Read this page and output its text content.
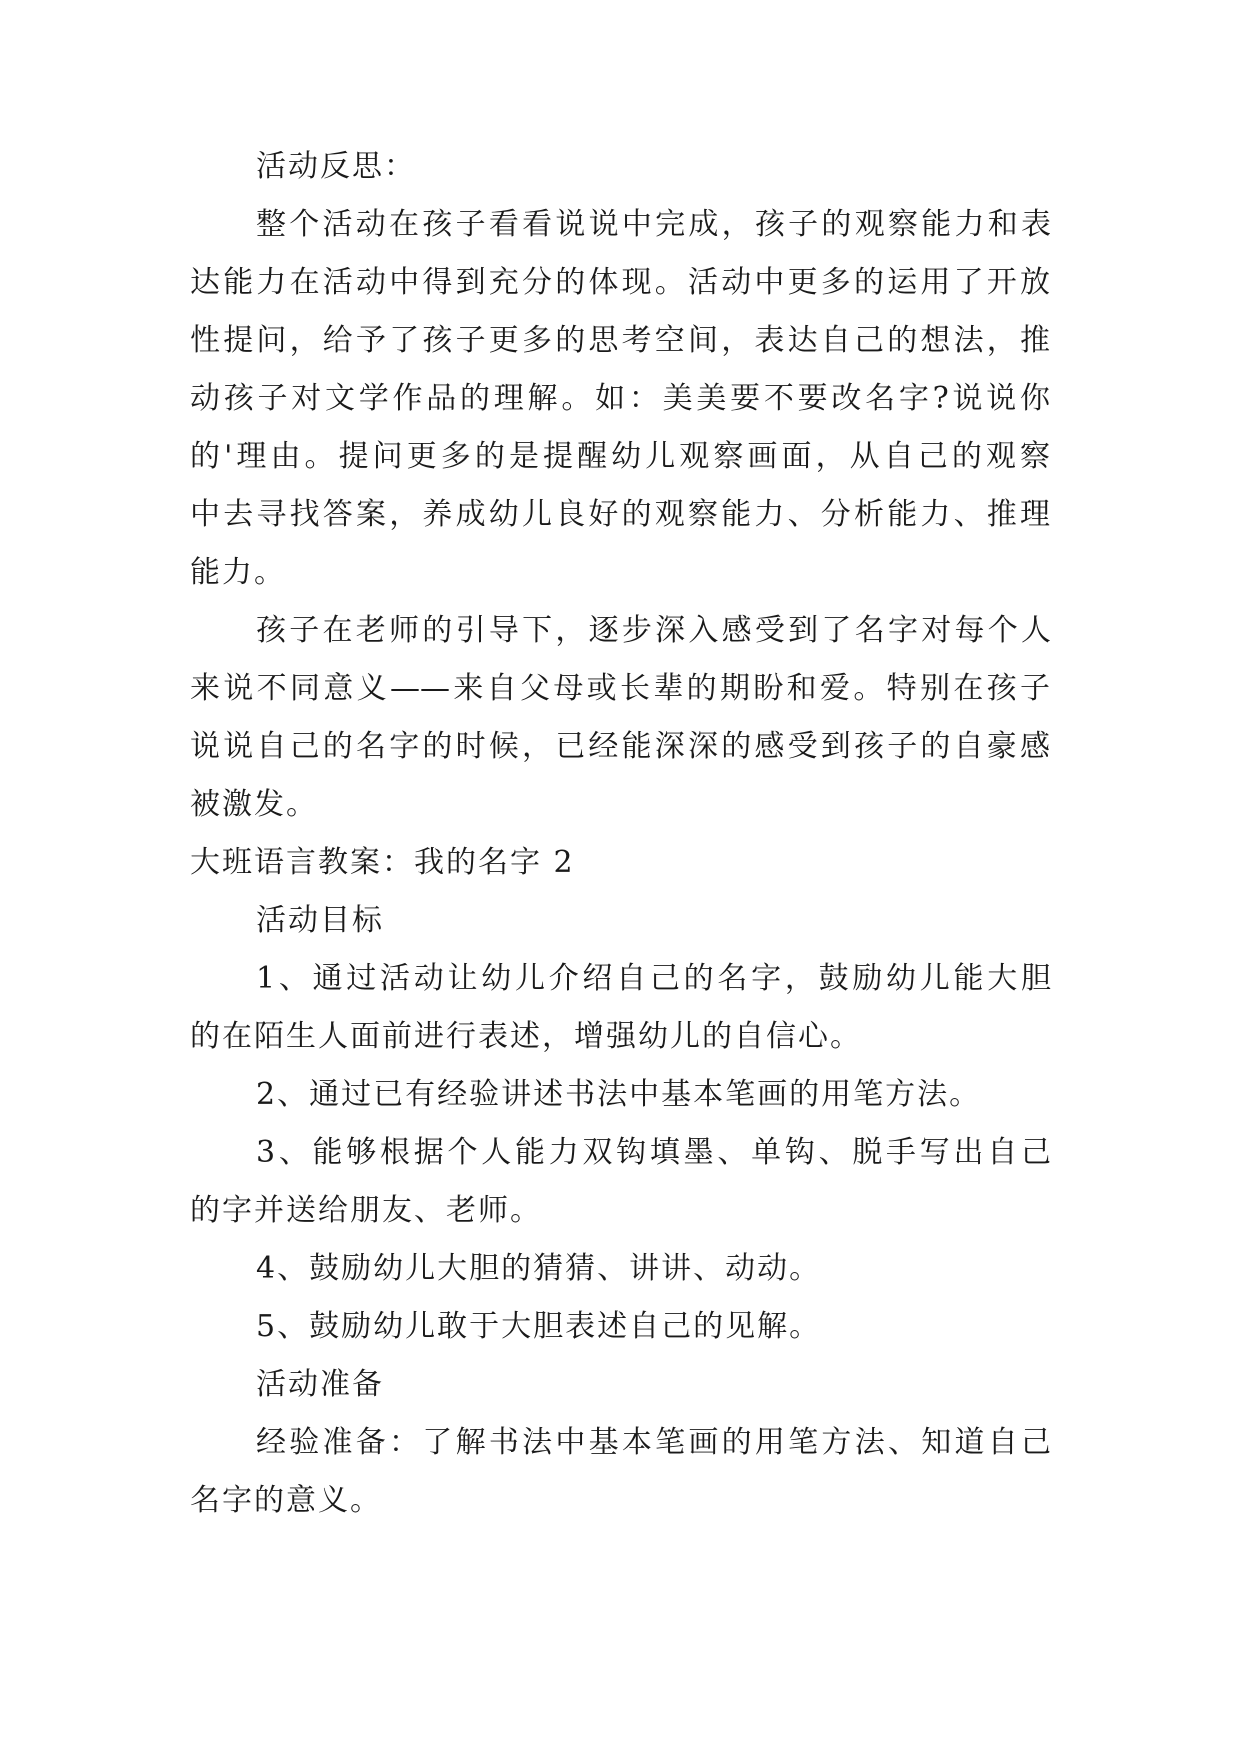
活动反思：
整个活动在孩子看看说说中完成，孩子的观察能力和表
达能力在活动中得到充分的体现。活动中更多的运用了开放
性提问，给予了孩子更多的思考空间，表达自己的想法，推
动孩子对文学作品的理解。如：美美要不要改名字?说说你
的'理由。提问更多的是提醒幼儿观察画面，从自己的观察
中去寻找答案，养成幼儿良好的观察能力、分析能力、推理
能力。
孩子在老师的引导下，逐步深入感受到了名字对每个人
来说不同意义——来自父母或长辈的期盼和爱。特别在孩子
说说自己的名字的时候，已经能深深的感受到孩子的自豪感
被激发。
大班语言教案：我的名字 2
活动目标
1、通过活动让幼儿介绍自己的名字，鼓励幼儿能大胆
的在陌生人面前进行表述，增强幼儿的自信心。
2、通过已有经验讲述书法中基本笔画的用笔方法。
3、能够根据个人能力双钩填墨、单钩、脱手写出自己
的字并送给朋友、老师。
4、鼓励幼儿大胆的猜猜、讲讲、动动。
5、鼓励幼儿敢于大胆表述自己的见解。
活动准备
经验准备：了解书法中基本笔画的用笔方法、知道自己
名字的意义。
